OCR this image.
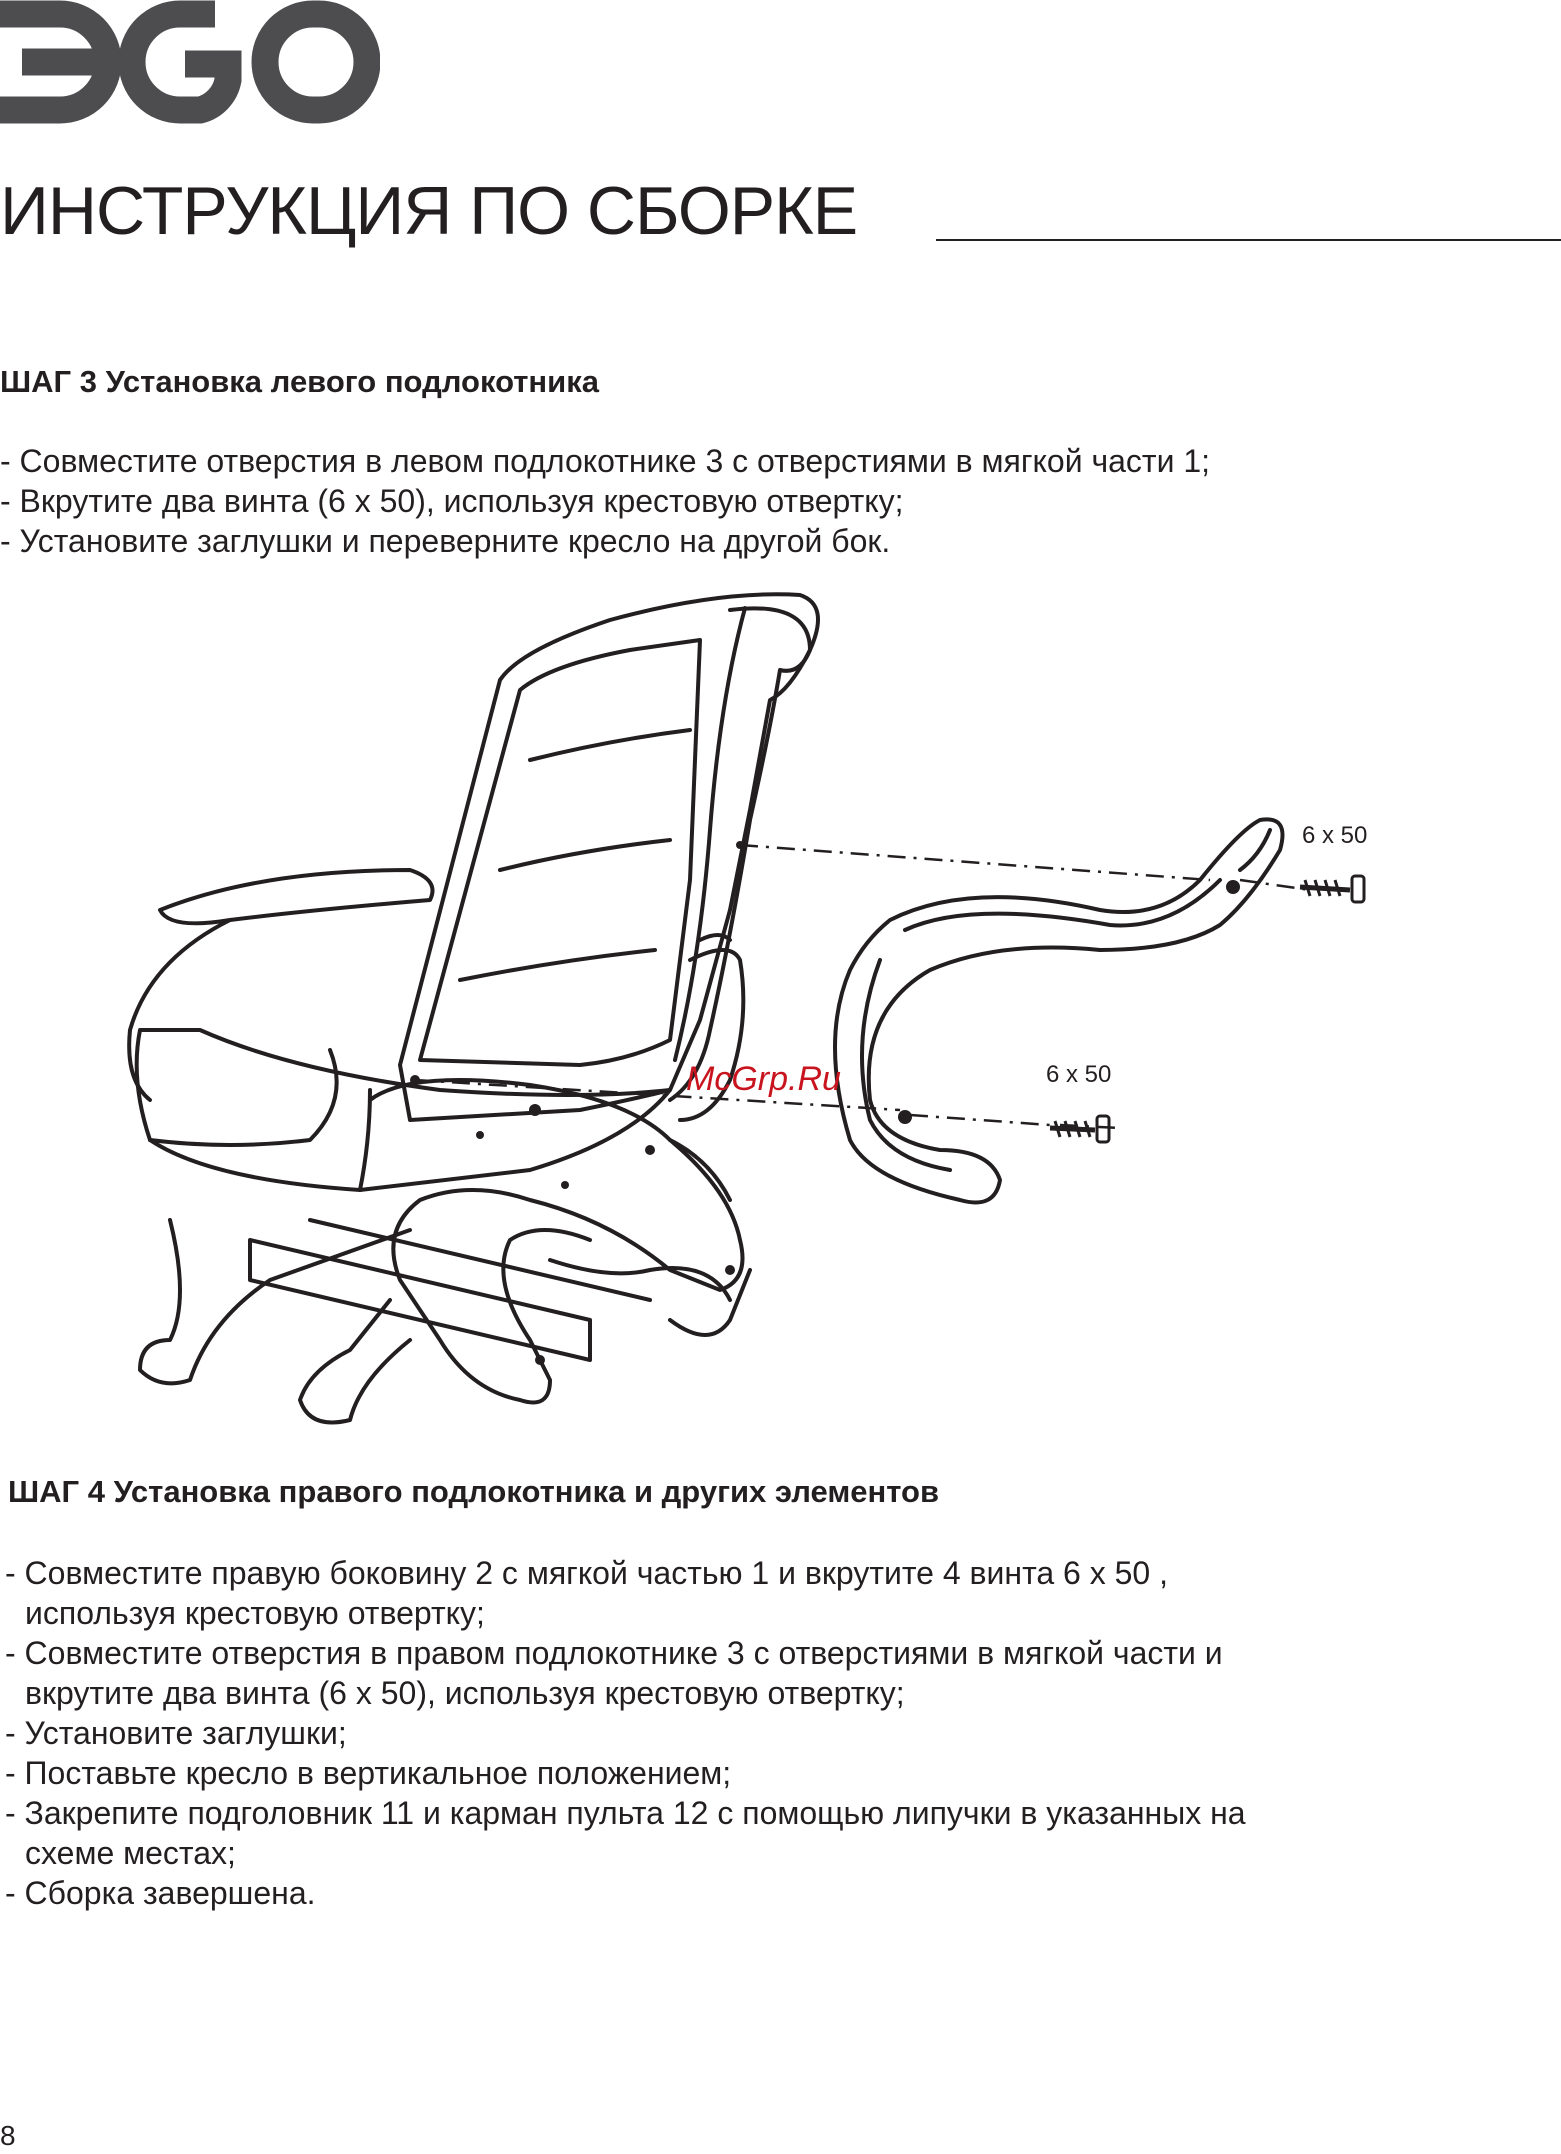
ИНСТРУКЦИЯ ПО СБОРКЕ
ШАГ 3 Установка левого подлокотника
- Совместите отверстия в левом подлокотнике 3 с отверстиями в мягкой части 1;
- Вкрутите два винта (6 х 50), используя крестовую отвертку;
- Установите заглушки и переверните кресло на другой бок.
6 x 50
6 x 50
McGrp.Ru
ШАГ 4 Установка правого подлокотника и других элементов
- Совместите правую боковину 2 с мягкой частью 1 и вкрутите 4 винта 6 х 50 ,
используя крестовую отвертку;
- Совместите отверстия в правом подлокотнике 3 с отверстиями в мягкой части и
вкрутите два винта (6 х 50), используя крестовую отвертку;
- Установите заглушки;
- Поставьте кресло в вертикальное положением;
- Закрепите подголовник 11 и карман пульта 12 с помощью липучки в указанных на
схеме местах;
- Сборка завершена.
8
